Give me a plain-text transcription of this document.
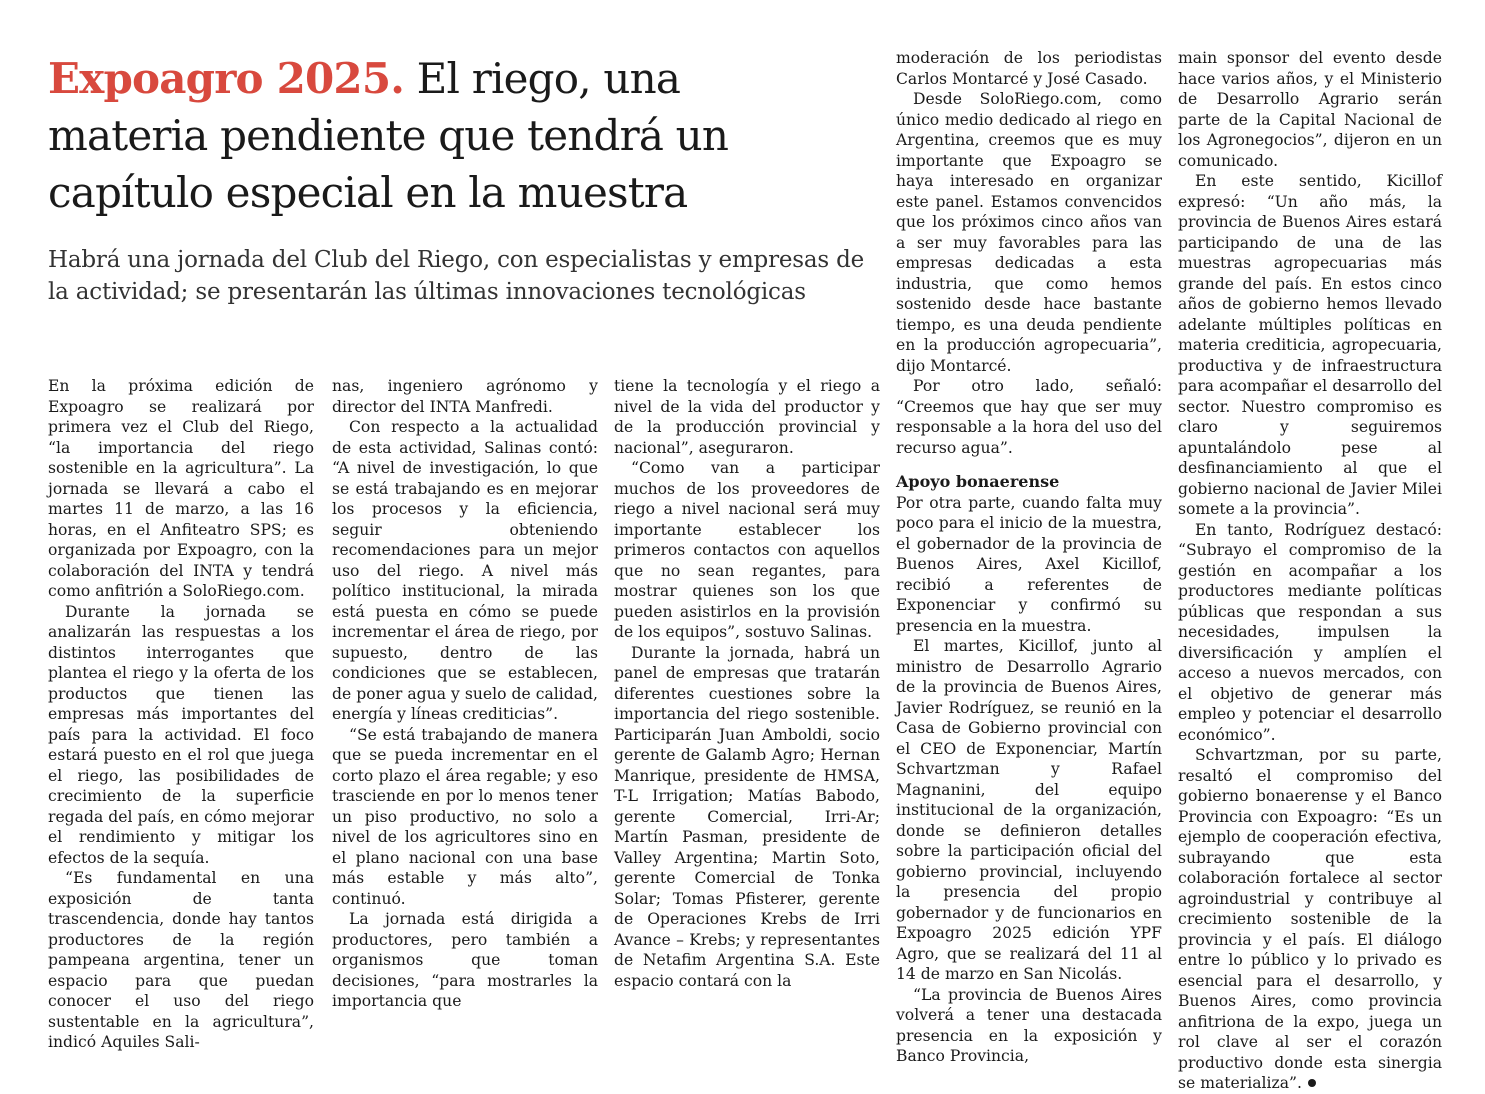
Expoagro 2025. El riego, una materia pendiente que tendrá un capítulo especial en la muestra

Habrá una jornada del Club del Riego, con especialistas y empresas de la actividad; se presentarán las últimas innovaciones tecnológicas

En la próxima edición de Expoagro se realizará por primera vez el Club del Riego, “la importancia del riego sostenible en la agricultura”. La jornada se llevará a cabo el martes 11 de marzo, a las 16 horas, en el Anfiteatro SPS; es organizada por Expoagro, con la colaboración del INTA y tendrá como anfitrión a SoloRiego.com.

Durante la jornada se analizarán las respuestas a los distintos interrogantes que plantea el riego y la oferta de los productos que tienen las empresas más importantes del país para la actividad. El foco estará puesto en el rol que juega el riego, las posibilidades de crecimiento de la superficie regada del país, en cómo mejorar el rendimiento y mitigar los efectos de la sequía.

“Es fundamental en una exposición de tanta trascendencia, donde hay tantos productores de la región pampeana argentina, tener un espacio para que puedan conocer el uso del riego sustentable en la agricultura”, indicó Aquiles Sali-

nas, ingeniero agrónomo y director del INTA Manfredi.

Con respecto a la actualidad de esta actividad, Salinas contó: “A nivel de investigación, lo que se está trabajando es en mejorar los procesos y la eficiencia, seguir obteniendo recomendaciones para un mejor uso del riego. A nivel más político institucional, la mirada está puesta en cómo se puede incrementar el área de riego, por supuesto, dentro de las condiciones que se establecen, de poner agua y suelo de calidad, energía y líneas crediticias”.

“Se está trabajando de manera que se pueda incrementar en el corto plazo el área regable; y eso trasciende en por lo menos tener un piso productivo, no solo a nivel de los agricultores sino en el plano nacional con una base más estable y más alto”, continuó.

La jornada está dirigida a productores, pero también a organismos que toman decisiones, “para mostrarles la importancia que

tiene la tecnología y el riego a nivel de la vida del productor y de la producción provincial y nacional”, aseguraron.

“Como van a participar muchos de los proveedores de riego a nivel nacional será muy importante establecer los primeros contactos con aquellos que no sean regantes, para mostrar quienes son los que pueden asistirlos en la provisión de los equipos”, sostuvo Salinas.

Durante la jornada, habrá un panel de empresas que tratarán diferentes cuestiones sobre la importancia del riego sostenible. Participarán Juan Amboldi, socio gerente de Galamb Agro; Hernan Manrique, presidente de HMSA, T-L Irrigation; Matías Babodo, gerente Comercial, Irri-Ar; Martín Pasman, presidente de Valley Argentina; Martin Soto, gerente Comercial de Tonka Solar; Tomas Pfisterer, gerente de Operaciones Krebs de Irri Avance – Krebs; y representantes de Netafim Argentina S.A. Este espacio contará con la

moderación de los periodistas Carlos Montarcé y José Casado.

Desde SoloRiego.com, como único medio dedicado al riego en Argentina, creemos que es muy importante que Expoagro se haya interesado en organizar este panel. Estamos convencidos que los próximos cinco años van a ser muy favorables para las empresas dedicadas a esta industria, que como hemos sostenido desde hace bastante tiempo, es una deuda pendiente en la producción agropecuaria”, dijo Montarcé.

Por otro lado, señaló: “Creemos que hay que ser muy responsable a la hora del uso del recurso agua”.

Apoyo bonaerense

Por otra parte, cuando falta muy poco para el inicio de la muestra, el gobernador de la provincia de Buenos Aires, Axel Kicillof, recibió a referentes de Exponenciar y confirmó su presencia en la muestra.

El martes, Kicillof, junto al ministro de Desarrollo Agrario de la provincia de Buenos Aires, Javier Rodríguez, se reunió en la Casa de Gobierno provincial con el CEO de Exponenciar, Martín Schvartzman y Rafael Magnanini, del equipo institucional de la organización, donde se definieron detalles sobre la participación oficial del gobierno provincial, incluyendo la presencia del propio gobernador y de funcionarios en Expoagro 2025 edición YPF Agro, que se realizará del 11 al 14 de marzo en San Nicolás.

“La provincia de Buenos Aires volverá a tener una destacada presencia en la exposición y Banco Provincia,

main sponsor del evento desde hace varios años, y el Ministerio de Desarrollo Agrario serán parte de la Capital Nacional de los Agronegocios”, dijeron en un comunicado.

En este sentido, Kicillof expresó: “Un año más, la provincia de Buenos Aires estará participando de una de las muestras agropecuarias más grande del país. En estos cinco años de gobierno hemos llevado adelante múltiples políticas en materia crediticia, agropecuaria, productiva y de infraestructura para acompañar el desarrollo del sector. Nuestro compromiso es claro y seguiremos apuntalándolo pese al desfinanciamiento al que el gobierno nacional de Javier Milei somete a la provincia”.

En tanto, Rodríguez destacó: “Subrayo el compromiso de la gestión en acompañar a los productores mediante políticas públicas que respondan a sus necesidades, impulsen la diversificación y amplíen el acceso a nuevos mercados, con el objetivo de generar más empleo y potenciar el desarrollo económico”.

Schvartzman, por su parte, resaltó el compromiso del gobierno bonaerense y el Banco Provincia con Expoagro: “Es un ejemplo de cooperación efectiva, subrayando que esta colaboración fortalece al sector agroindustrial y contribuye al crecimiento sostenible de la provincia y el país. El diálogo entre lo público y lo privado es esencial para el desarrollo, y Buenos Aires, como provincia anfitriona de la expo, juega un rol clave al ser el corazón productivo donde esta sinergia se materializa”.
